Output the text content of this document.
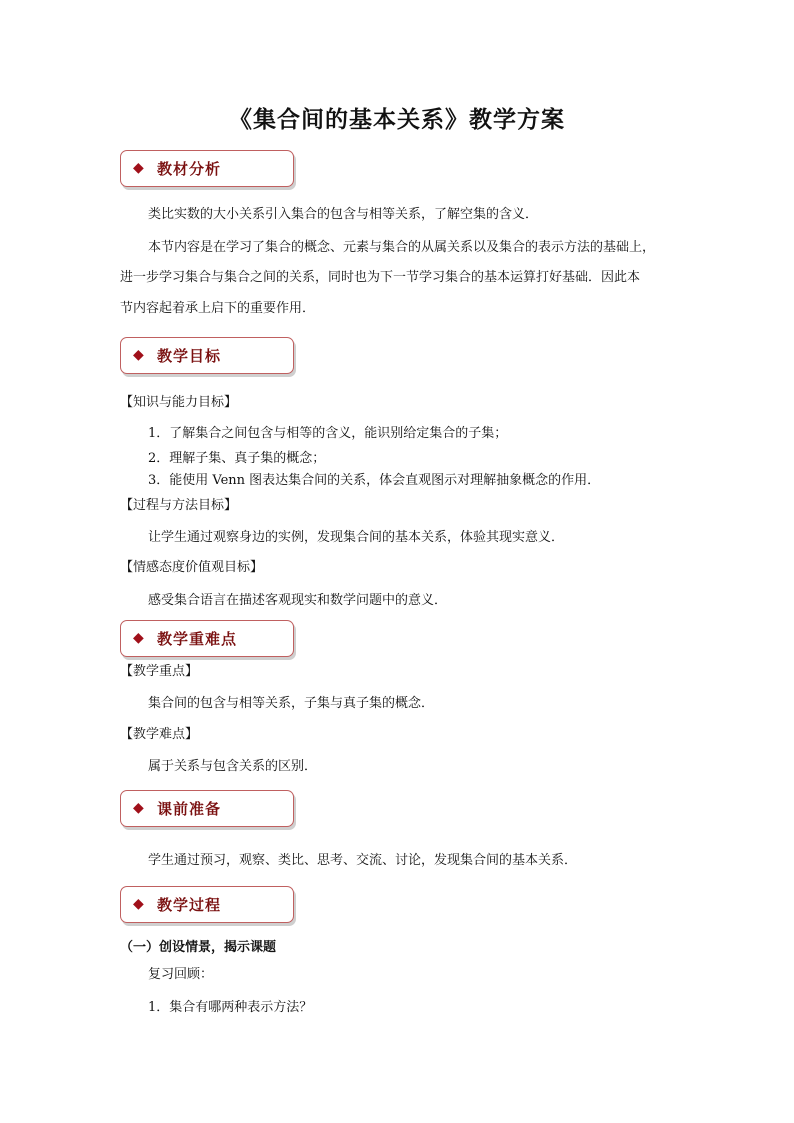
《集合间的基本关系》教学方案
◆ 教材分析
类比实数的大小关系引入集合的包含与相等关系，了解空集的含义．
本节内容是在学习了集合的概念、元素与集合的从属关系以及集合的表示方法的基础上，
进一步学习集合与集合之间的关系，同时也为下一节学习集合的基本运算打好基础．因此本
节内容起着承上启下的重要作用．
◆ 教学目标
【知识与能力目标】
1．了解集合之间包含与相等的含义，能识别给定集合的子集；
2．理解子集、真子集的概念；
3．能使用 Venn 图表达集合间的关系，体会直观图示对理解抽象概念的作用．
【过程与方法目标】
让学生通过观察身边的实例，发现集合间的基本关系，体验其现实意义．
【情感态度价值观目标】
感受集合语言在描述客观现实和数学问题中的意义．
◆ 教学重难点
【教学重点】
集合间的包含与相等关系，子集与真子集的概念．
【教学难点】
属于关系与包含关系的区别．
◆ 课前准备
学生通过预习，观察、类比、思考、交流、讨论，发现集合间的基本关系．
◆ 教学过程
（一）创设情景，揭示课题
复习回顾：
1．集合有哪两种表示方法？
